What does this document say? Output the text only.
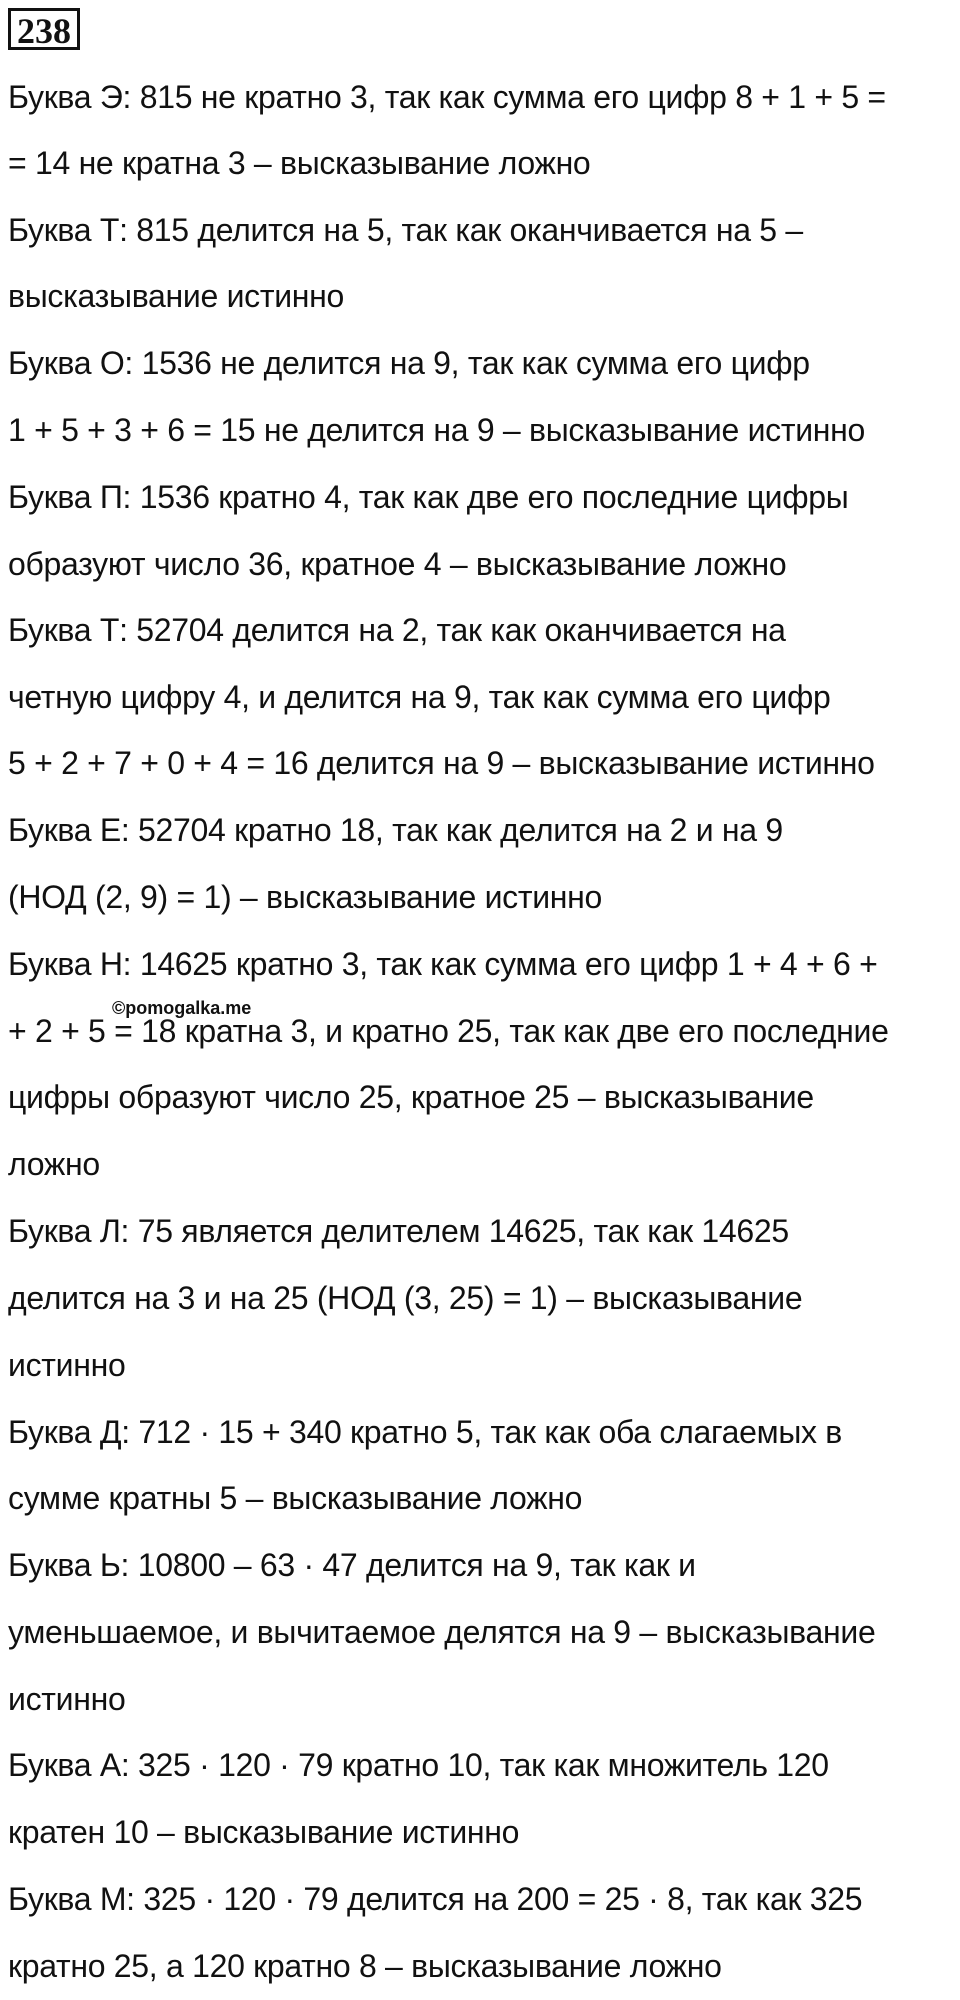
238
Буква Э: 815 не кратно 3, так как сумма его цифр 8 + 1 + 5 =
= 14 не кратна 3 – высказывание ложно
Буква Т: 815 делится на 5, так как оканчивается на 5 –
высказывание истинно
Буква О: 1536 не делится на 9, так как сумма его цифр
1 + 5 + 3 + 6 = 15 не делится на 9 – высказывание истинно
Буква П: 1536 кратно 4, так как две его последние цифры
образуют число 36, кратное 4 – высказывание ложно
Буква Т: 52704 делится на 2, так как оканчивается на
четную цифру 4, и делится на 9, так как сумма его цифр
5 + 2 + 7 + 0 + 4 = 16 делится на 9 – высказывание истинно
Буква Е: 52704 кратно 18, так как делится на 2 и на 9
(НОД (2, 9) = 1) – высказывание истинно
Буква Н: 14625 кратно 3, так как сумма его цифр 1 + 4 + 6 +
+ 2 + 5 = 18 кратна 3, и кратно 25, так как две его последние
цифры образуют число 25, кратное 25 – высказывание
ложно
Буква Л: 75 является делителем 14625, так как 14625
делится на 3 и на 25 (НОД (3, 25) = 1) – высказывание
истинно
Буква Д: 712 · 15 + 340 кратно 5, так как оба слагаемых в
сумме кратны 5 – высказывание ложно
Буква Ь: 10800 – 63 · 47 делится на 9, так как и
уменьшаемое, и вычитаемое делятся на 9 – высказывание
истинно
Буква А: 325 · 120 · 79 кратно 10, так как множитель 120
кратен 10 – высказывание истинно
Буква М: 325 · 120 · 79 делится на 200 = 25 · 8, так как 325
кратно 25, а 120 кратно 8 – высказывание ложно
©pomogalka.me
